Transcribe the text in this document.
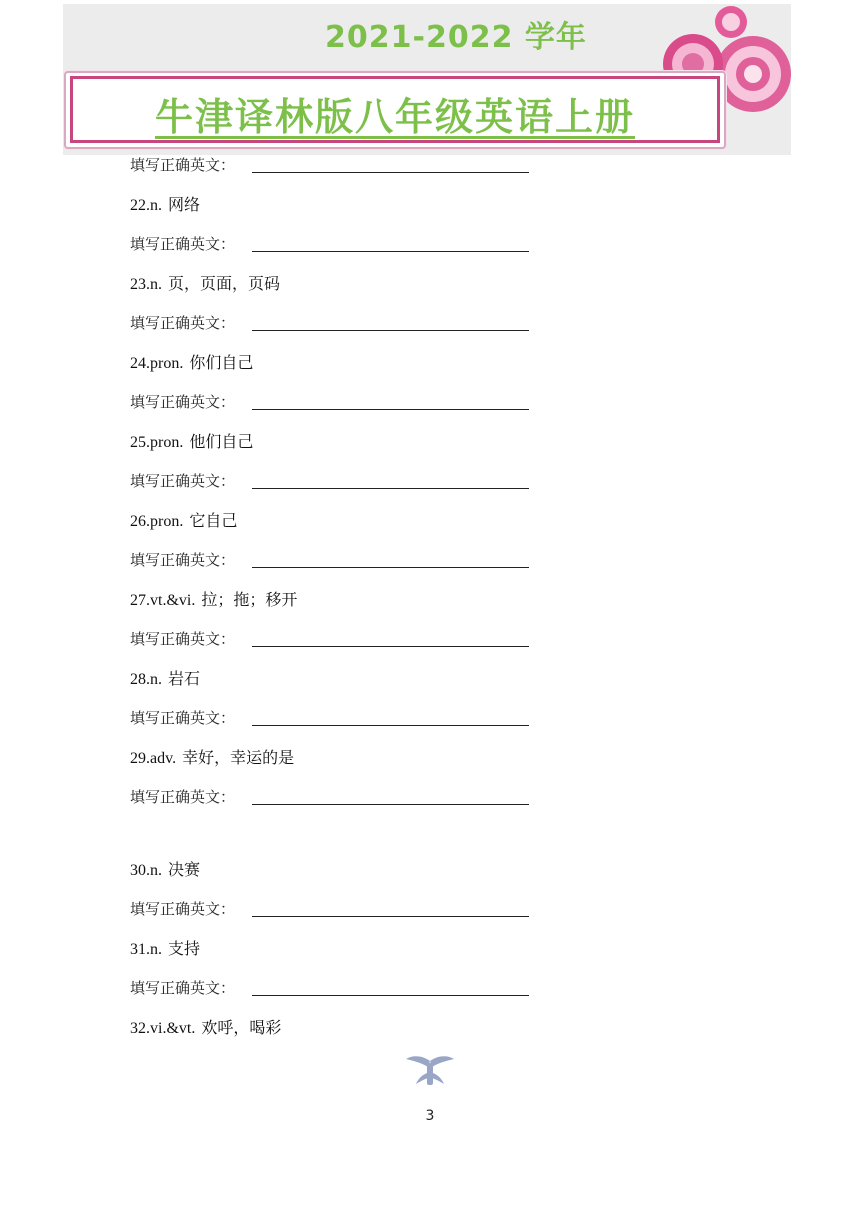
2021-2022 学年
牛津译林版八年级英语上册
填写正确英文：
22.n. 网络
填写正确英文：
23.n. 页，页面，页码
填写正确英文：
24.pron. 你们自己
填写正确英文：
25.pron. 他们自己
填写正确英文：
26.pron. 它自己
填写正确英文：
27.vt.&vi. 拉；拖；移开
填写正确英文：
28.n. 岩石
填写正确英文：
29.adv. 幸好，幸运的是
填写正确英文：
30.n. 决赛
填写正确英文：
31.n. 支持
填写正确英文：
32.vi.&vt. 欢呼，喝彩
3
